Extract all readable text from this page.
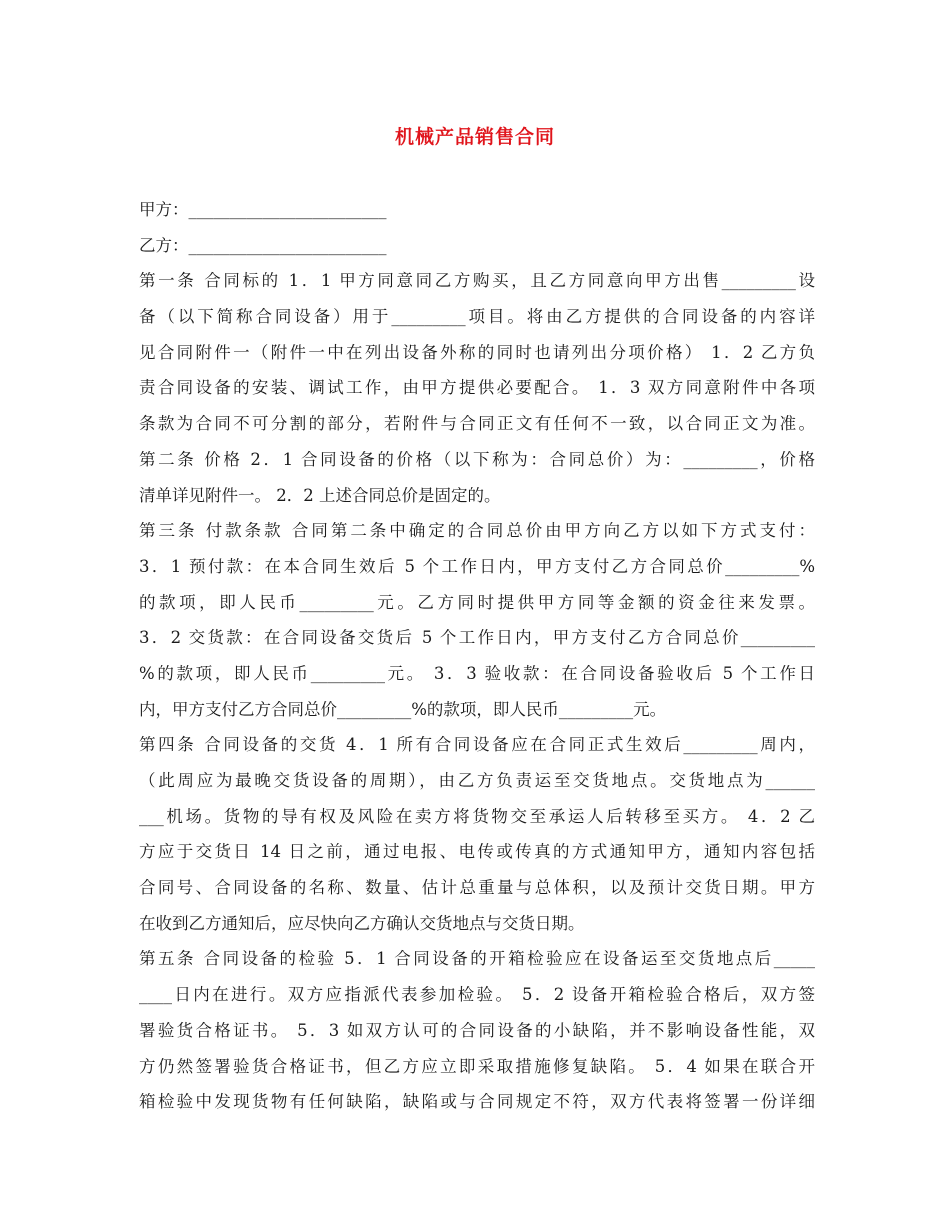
机械产品销售合同
甲方：________________________
乙方：________________________
第一条 合同标的 1．1 甲方同意同乙方购买，且乙方同意向甲方出售_________设
备（以下简称合同设备）用于_________项目。将由乙方提供的合同设备的内容详
见合同附件一（附件一中在列出设备外称的同时也请列出分项价格） 1．2 乙方负
责合同设备的安装、调试工作，由甲方提供必要配合。 1．3 双方同意附件中各项
条款为合同不可分割的部分，若附件与合同正文有任何不一致，以合同正文为准。
第二条 价格 2．1 合同设备的价格（以下称为：合同总价）为：_________，价格
清单详见附件一。 2．2 上述合同总价是固定的。
第三条 付款条款 合同第二条中确定的合同总价由甲方向乙方以如下方式支付：
3．1 预付款：在本合同生效后 5 个工作日内，甲方支付乙方合同总价_________%
的款项，即人民币_________元。乙方同时提供甲方同等金额的资金往来发票。
3．2 交货款：在合同设备交货后 5 个工作日内，甲方支付乙方合同总价_________
%的款项，即人民币_________元。 3．3 验收款：在合同设备验收后 5 个工作日
内，甲方支付乙方合同总价_________%的款项，即人民币_________元。
第四条 合同设备的交货 4．1 所有合同设备应在合同正式生效后_________周内，
（此周应为最晚交货设备的周期），由乙方负责运至交货地点。交货地点为______
___机场。货物的导有权及风险在卖方将货物交至承运人后转移至买方。 4．2 乙
方应于交货日 14 日之前，通过电报、电传或传真的方式通知甲方，通知内容包括
合同号、合同设备的名称、数量、估计总重量与总体积，以及预计交货日期。甲方
在收到乙方通知后，应尽快向乙方确认交货地点与交货日期。
第五条 合同设备的检验 5．1 合同设备的开箱检验应在设备运至交货地点后_____
____日内在进行。双方应指派代表参加检验。 5．2 设备开箱检验合格后，双方签
署验货合格证书。 5．3 如双方认可的合同设备的小缺陷，并不影响设备性能，双
方仍然签署验货合格证书，但乙方应立即采取措施修复缺陷。 5．4 如果在联合开
箱检验中发现货物有任何缺陷，缺陷或与合同规定不符，双方代表将签署一份详细
